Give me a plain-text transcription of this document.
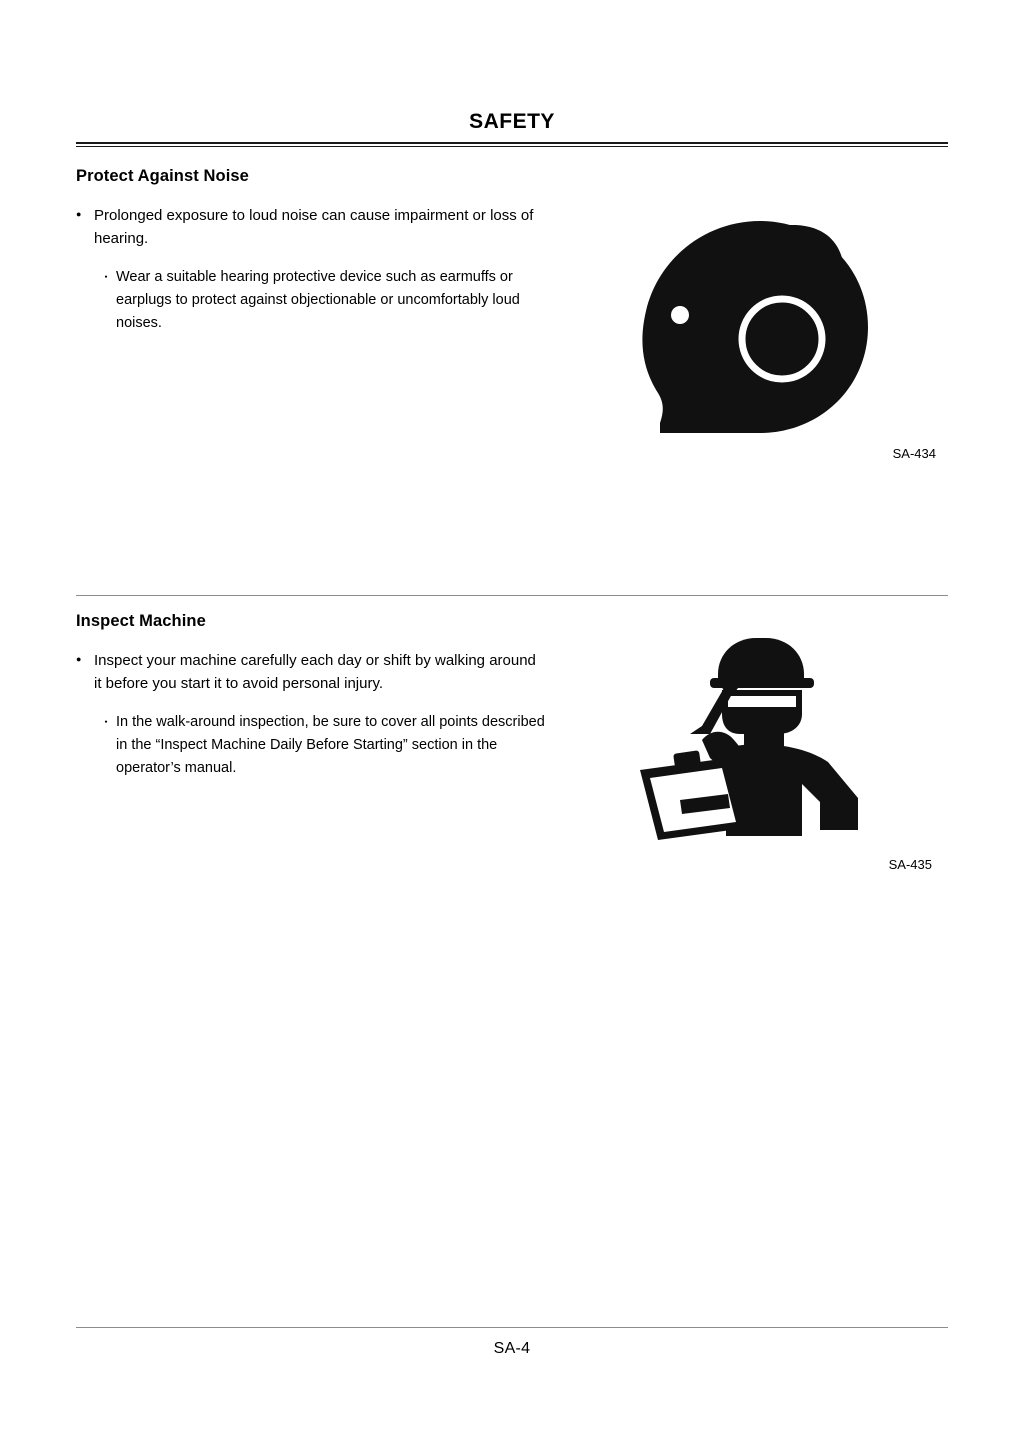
SAFETY
Protect Against Noise
●
Prolonged exposure to loud noise can cause impairment or loss of hearing.
・
Wear a suitable hearing protective device such as earmuffs or earplugs to protect against objectionable or uncomfortably loud noises.
SA-434
Inspect Machine
●
Inspect your machine carefully each day or shift by walking around it before you start it to avoid personal injury.
・
In the walk-around inspection, be sure to cover all points described in the “Inspect Machine Daily Before Starting” section in the operator’s manual.
SA-435
SA-4
